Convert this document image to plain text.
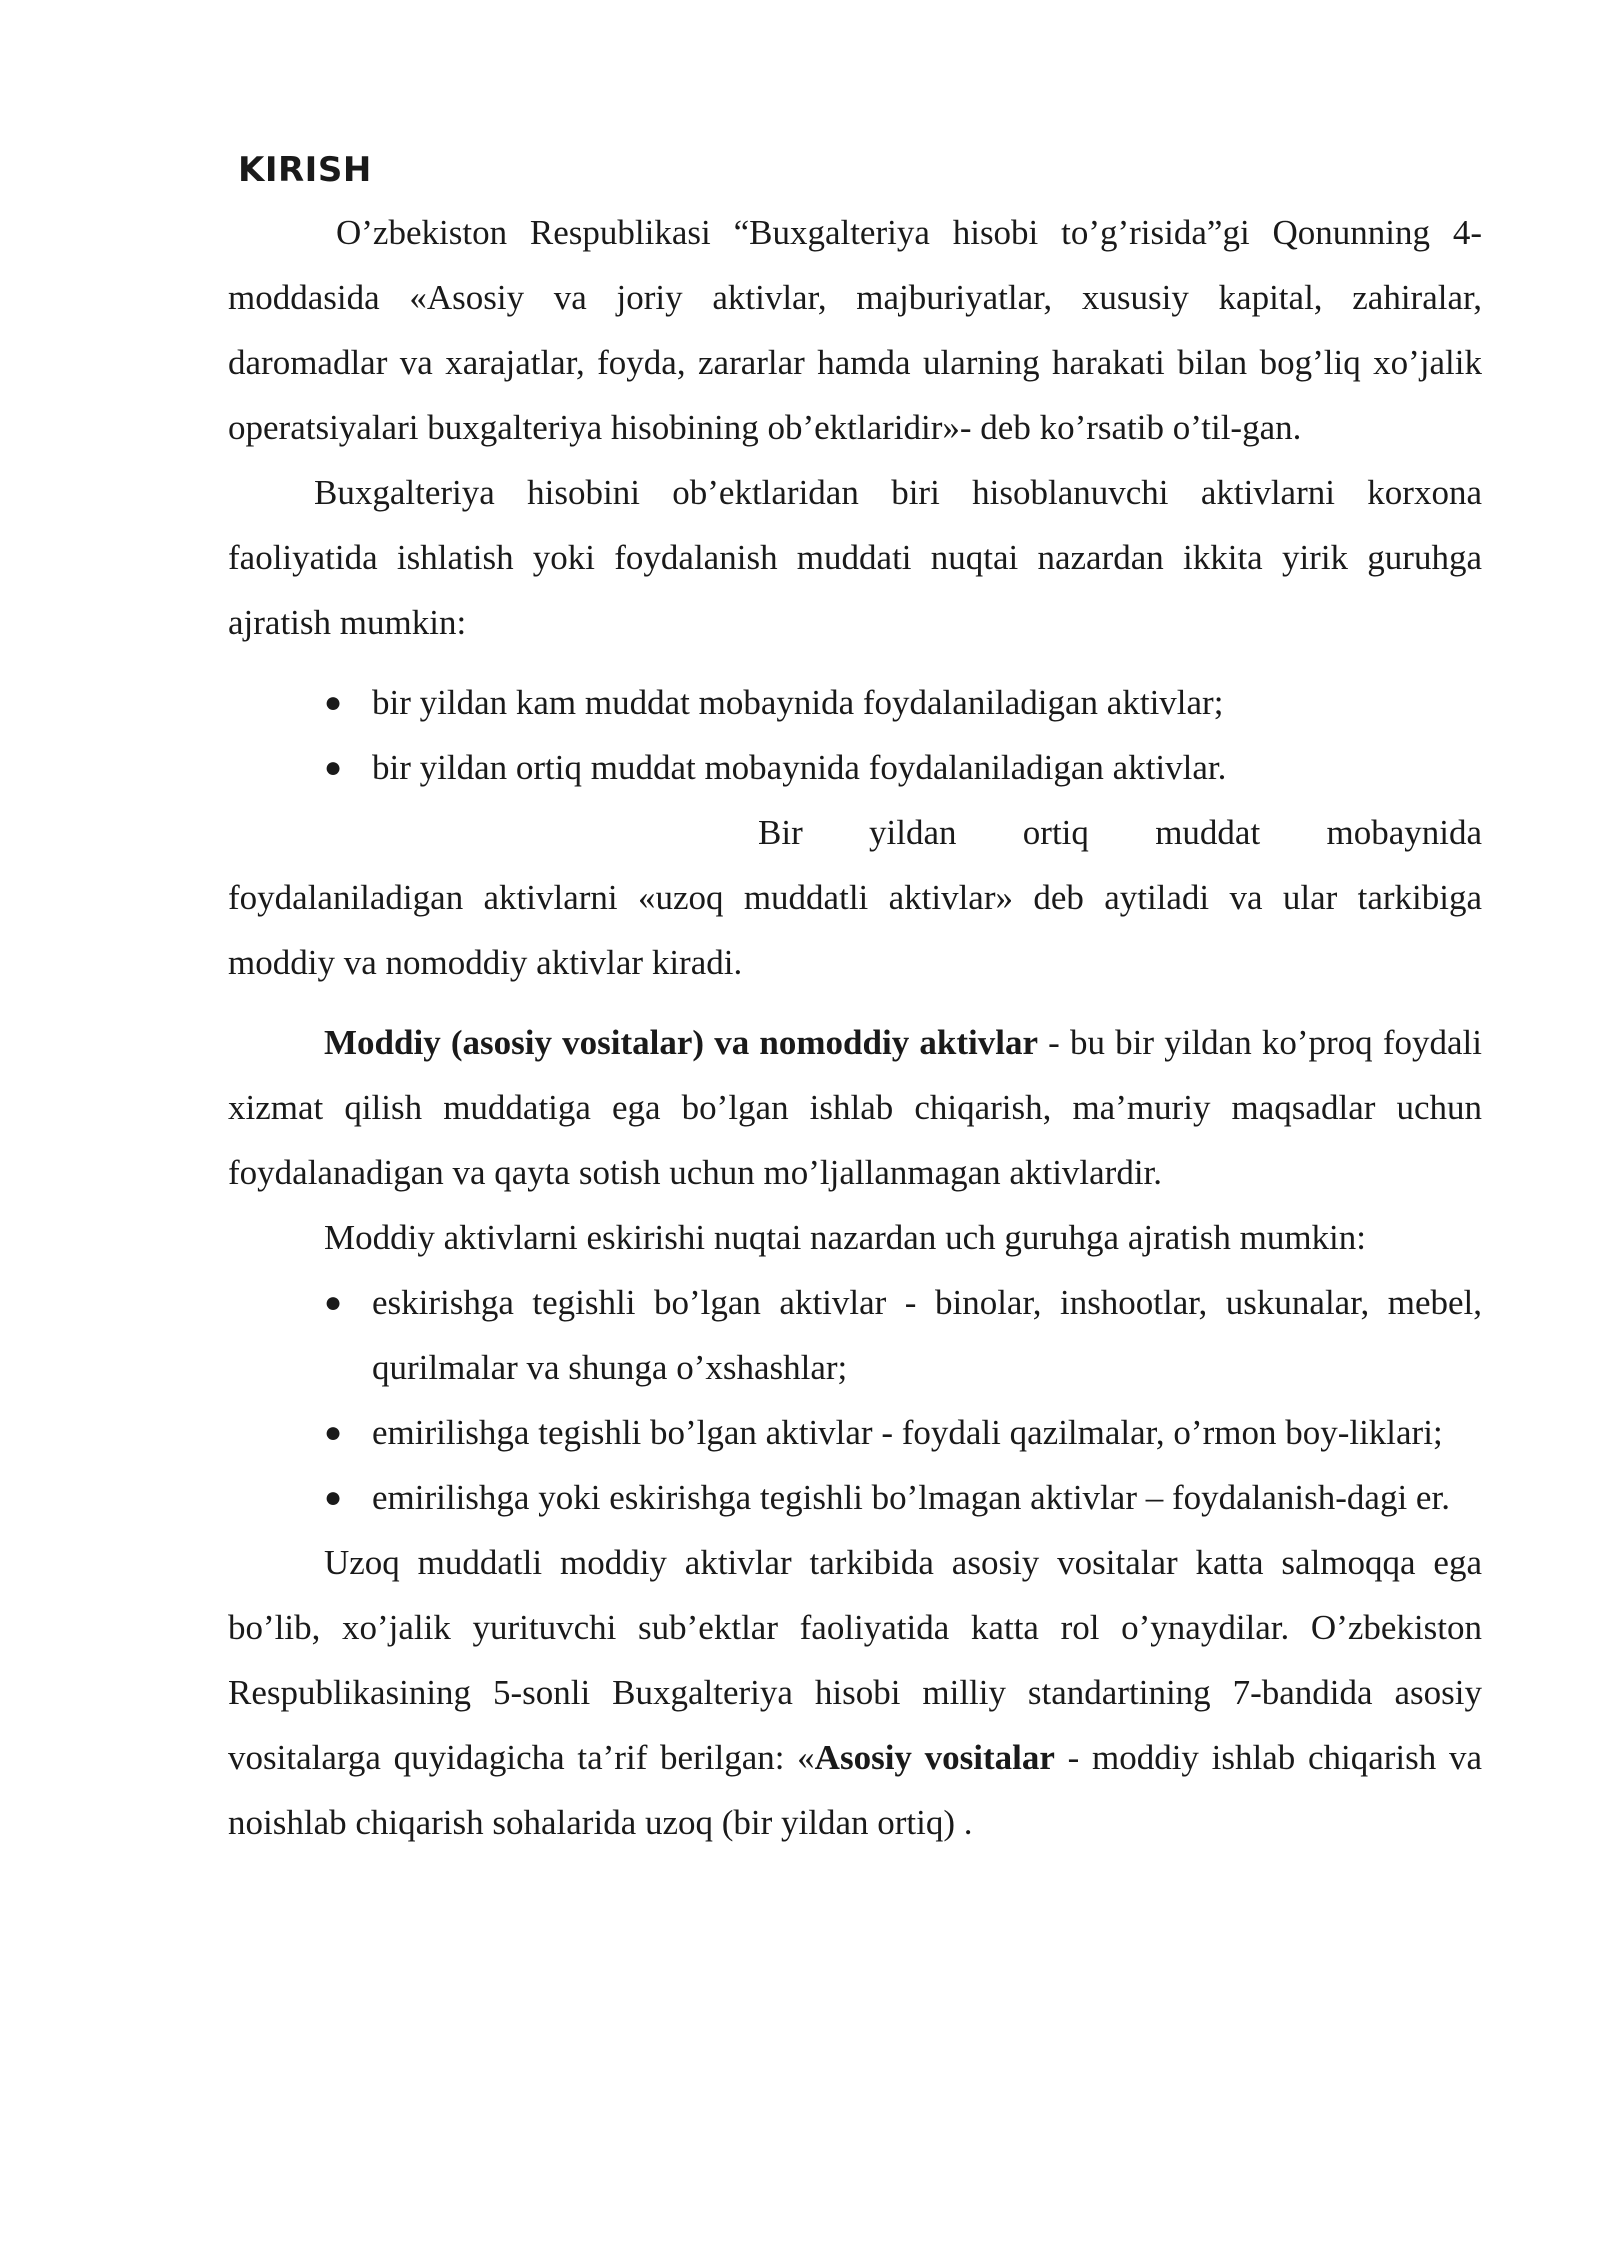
KIRISH

O’zbekiston Respublikasi “Buxgalteriya hisobi to’g’risida”gi Qonunning 4-moddasida «Asosiy va joriy aktivlar, majburiyatlar, xususiy kapital, zahiralar, daromadlar va xarajatlar, foyda, zararlar hamda ularning harakati bilan bog’liq xo’jalik operatsiyalari buxgalteriya hisobining ob’ektlaridir»- deb ko’rsatib o’til-gan.

Buxgalteriya hisobini ob’ektlaridan biri hisoblanuvchi aktivlarni korxona faoliyatida ishlatish yoki foydalanish muddati nuqtai nazardan ikkita yirik guruhga ajratish mumkin:

● bir yildan kam muddat mobaynida foydalaniladigan aktivlar;
● bir yildan ortiq muddat mobaynida foydalaniladigan aktivlar.

Bir yildan ortiq muddat mobaynida foydalaniladigan aktivlarni «uzoq muddatli aktivlar» deb aytiladi va ular tarkibiga moddiy va nomoddiy aktivlar kiradi.

Moddiy (asosiy vositalar) va nomoddiy aktivlar - bu bir yildan ko’proq foydali xizmat qilish muddatiga ega bo’lgan ishlab chiqarish, ma’muriy maqsadlar uchun foydalanadigan va qayta sotish uchun mo’ljallanmagan aktivlardir.

Moddiy aktivlarni eskirishi nuqtai nazardan uch guruhga ajratish mumkin:

● eskirishga tegishli bo’lgan aktivlar - binolar, inshootlar, uskunalar, mebel, qurilmalar va shunga o’xshashlar;
● emirilishga tegishli bo’lgan aktivlar - foydali qazilmalar, o’rmon boy-liklari;
● emirilishga yoki eskirishga tegishli bo’lmagan aktivlar – foydalanish-dagi er.

Uzoq muddatli moddiy aktivlar tarkibida asosiy vositalar katta salmoqqa ega bo’lib, xo’jalik yurituvchi sub’ektlar faoliyatida katta rol o’ynaydilar. O’zbekiston Respublikasining 5-sonli Buxgalteriya hisobi milliy standartining 7-bandida asosiy vositalarga quyidagicha ta’rif berilgan: «Asosiy vositalar - moddiy ishlab chiqarish va noishlab chiqarish sohalarida uzoq (bir yildan ortiq) .
